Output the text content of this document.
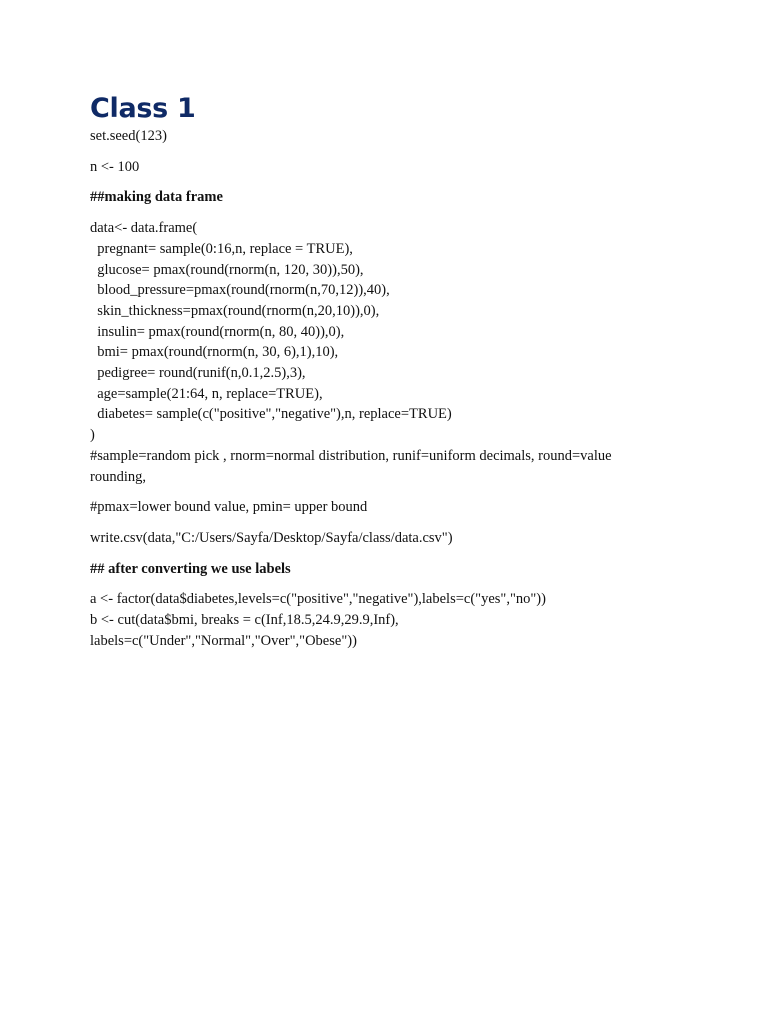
Class 1
set.seed(123)
n <- 100
##making data frame
data<- data.frame(
pregnant= sample(0:16,n, replace = TRUE),
glucose= pmax(round(rnorm(n, 120, 30)),50),
blood_pressure=pmax(round(rnorm(n,70,12)),40),
skin_thickness=pmax(round(rnorm(n,20,10)),0),
insulin= pmax(round(rnorm(n, 80, 40)),0),
bmi= pmax(round(rnorm(n, 30, 6),1),10),
pedigree= round(runif(n,0.1,2.5),3),
age=sample(21:64, n, replace=TRUE),
diabetes= sample(c("positive","negative"),n, replace=TRUE)
)
#sample=random pick , rnorm=normal distribution, runif=uniform decimals, round=value
rounding,
#pmax=lower bound value, pmin= upper bound
write.csv(data,"C:/Users/Sayfa/Desktop/Sayfa/class/data.csv")
## after converting we use labels
a <- factor(data$diabetes,levels=c("positive","negative"),labels=c("yes","no"))
b <- cut(data$bmi, breaks = c(Inf,18.5,24.9,29.9,Inf),
labels=c("Under","Normal","Over","Obese"))
